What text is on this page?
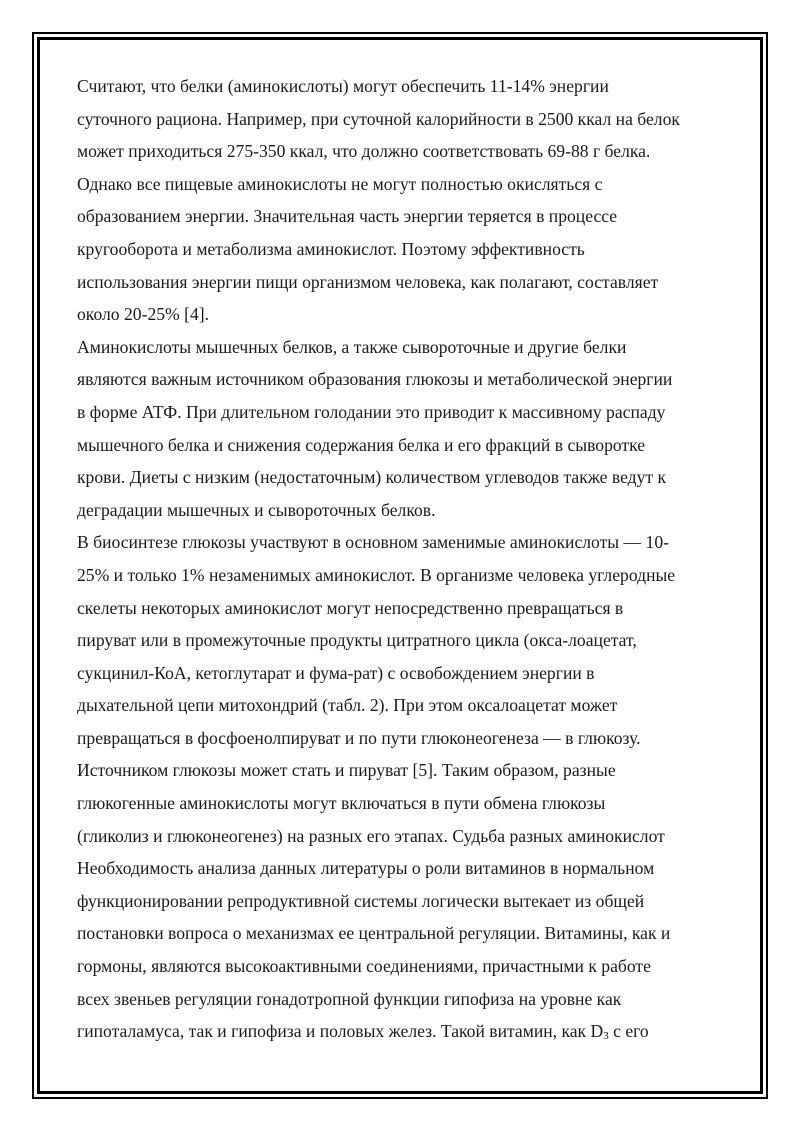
Считают, что белки (аминокислоты) могут обеспечить 11-14% энергии
суточного рациона. Например, при суточной калорийности в 2500 ккал на белок
может приходиться 275-350 ккал, что должно соответствовать 69-88 г белка.
Однако все пищевые аминокислоты не могут полностью окисляться с
образованием энергии. Значительная часть энергии теряется в процессе
кругооборота и метаболизма аминокислот. Поэтому эффективность
использования энергии пищи организмом человека, как полагают, составляет
около 20-25% [4].
Аминокислоты мышечных белков, а также сывороточные и другие белки
являются важным источником образования глюкозы и метаболической энергии
в форме АТФ. При длительном голодании это приводит к массивному распаду
мышечного белка и снижения содержания белка и его фракций в сыворотке
крови. Диеты с низким (недостаточным) количеством углеводов также ведут к
деградации мышечных и сывороточных белков.
В биосинтезе глюкозы участвуют в основном заменимые аминокислоты — 10-
25% и только 1% незаменимых аминокислот. В организме человека углеродные
скелеты некоторых аминокислот могут непосредственно превращаться в
пируват или в промежуточные продукты цитратного цикла (окса-лоацетат,
сукцинил-КоА, кетоглутарат и фума-рат) с освобождением энергии в
дыхательной цепи митохондрий (табл. 2). При этом оксалоацетат может
превращаться в фосфоенолпируват и по пути глюконеогенеза — в глюкозу.
Источником глюкозы может стать и пируват [5]. Таким образом, разные
глюкогенные аминокислоты могут включаться в пути обмена глюкозы
(гликолиз и глюконеогенез) на разных его этапах. Судьба разных аминокислот
Необходимость анализа данных литературы о роли витаминов в нормальном
функционировании репродуктивной системы логически вытекает из общей
постановки вопроса о механизмах ее центральной регуляции. Витамины, как и
гормоны, являются высокоактивными соединениями, причастными к работе
всех звеньев регуляции гонадотропной функции гипофиза на уровне как
гипоталамуса, так и гипофиза и половых желез. Такой витамин, как $D_3$ с его
